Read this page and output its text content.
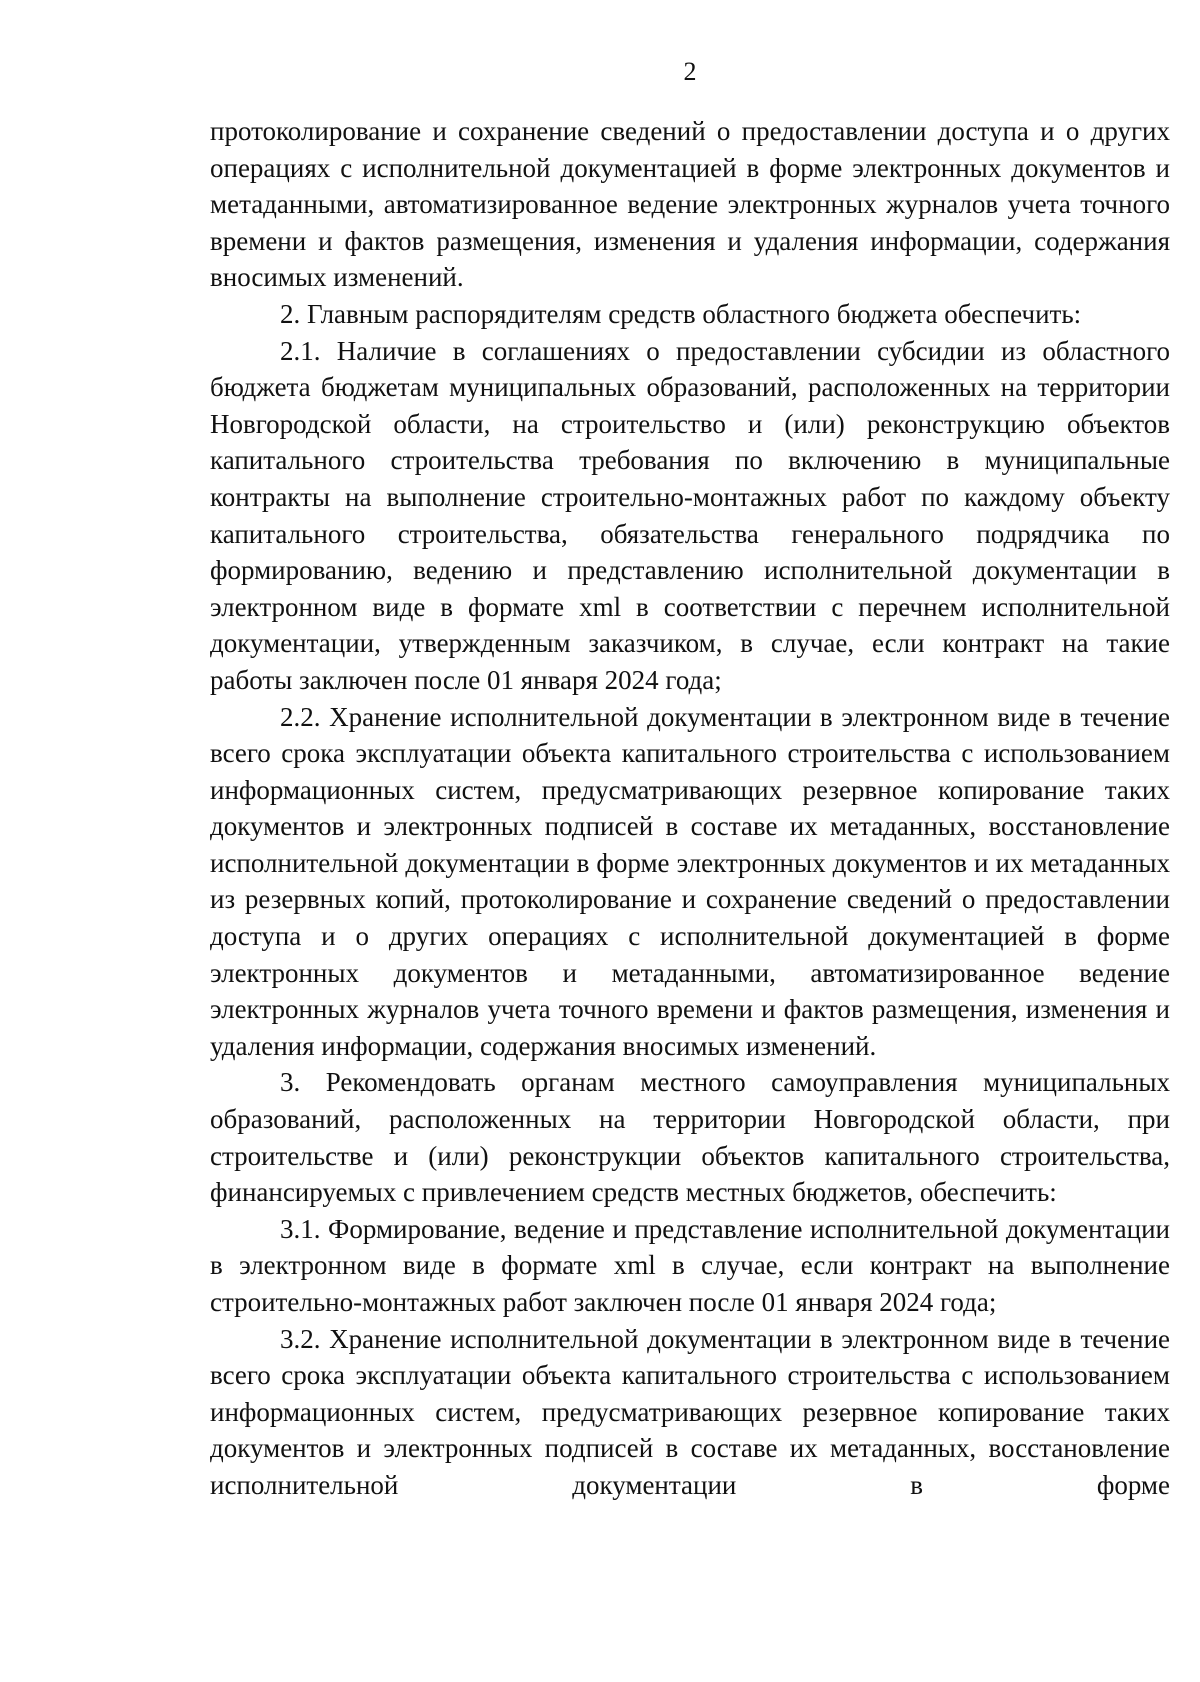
2

протоколирование и сохранение сведений о предоставлении доступа и о других операциях с исполнительной документацией в форме электронных документов и метаданными, автоматизированное ведение электронных журналов учета точного времени и фактов размещения, изменения и удаления информации, содержания вносимых изменений.

2. Главным распорядителям средств областного бюджета обеспечить:

2.1. Наличие в соглашениях о предоставлении субсидии из областного бюджета бюджетам муниципальных образований, расположенных на территории Новгородской области, на строительство и (или) реконструкцию объектов капитального строительства требования по включению в муниципальные контракты на выполнение строительно-монтажных работ по каждому объекту капитального строительства, обязательства генерального подрядчика по формированию, ведению и представлению исполнительной документации в электронном виде в формате xml в соответствии с перечнем исполнительной документации, утвержденным заказчиком, в случае, если контракт на такие работы заключен после 01 января 2024 года;

2.2. Хранение исполнительной документации в электронном виде в течение всего срока эксплуатации объекта капитального строительства с использованием информационных систем, предусматривающих резервное копирование таких документов и электронных подписей в составе их метаданных, восстановление исполнительной документации в форме электронных документов и их метаданных из резервных копий, протоколирование и сохранение сведений о предоставлении доступа и о других операциях с исполнительной документацией в форме электронных документов и метаданными, автоматизированное ведение электронных журналов учета точного времени и фактов размещения, изменения и удаления информации, содержания вносимых изменений.

3. Рекомендовать органам местного самоуправления муниципальных образований, расположенных на территории Новгородской области, при строительстве и (или) реконструкции объектов капитального строительства, финансируемых с привлечением средств местных бюджетов, обеспечить:

3.1. Формирование, ведение и представление исполнительной документации в электронном виде в формате xml в случае, если контракт на выполнение строительно-монтажных работ заключен после 01 января 2024 года;

3.2. Хранение исполнительной документации в электронном виде в течение всего срока эксплуатации объекта капитального строительства с использованием информационных систем, предусматривающих резервное копирование таких документов и электронных подписей в составе их метаданных, восстановление исполнительной документации в форме
